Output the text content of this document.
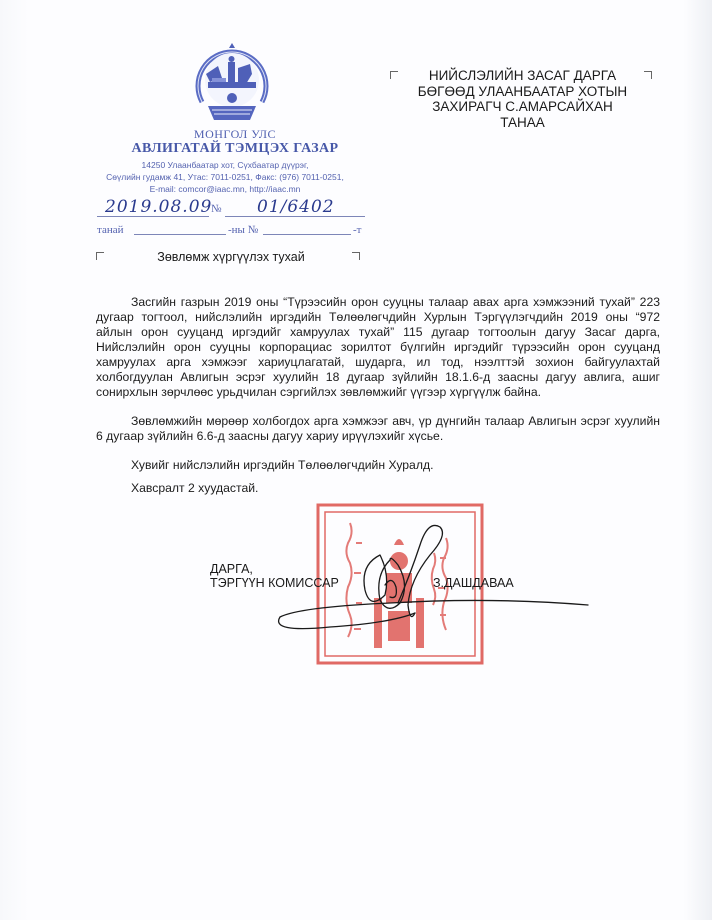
МОНГОЛ УЛС
АВЛИГАТАЙ ТЭМЦЭХ ГАЗАР
14250 Улаанбаатар хот, Сүхбаатар дүүрэг,
Сөүлийн гудамж 41, Утас: 7011-0251, Факс: (976) 7011-0251,
E-mail: comcor@iaac.mn, http://iaac.mn
2019.08.09
№ 01/6402
танай	-ны №	-т
Зөвлөмж хүргүүлэх тухай
НИЙСЛЭЛИЙН ЗАСАГ ДАРГА
БӨГӨӨД УЛААНБААТАР ХОТЫН
ЗАХИРАГЧ С.АМАРСАЙХАН
ТАНАА
Засгийн газрын 2019 оны “Түрээсийн орон сууцны талаар авах арга хэмжээний тухай” 223 дугаар тогтоол, нийслэлийн иргэдийн Төлөөлөгчдийн Хурлын Тэргүүлэгчдийн 2019 оны “972 айлын орон сууцанд иргэдийг хамруулах тухай” 115 дугаар тогтоолын дагуу Засаг дарга, Нийслэлийн орон сууцны корпорациас зорилтот бүлгийн иргэдийг түрээсийн орон сууцанд хамруулах арга хэмжээг хариуцлагатай, шударга, ил тод, нээлттэй зохион байгуулахтай холбогдуулан Авлигын эсрэг хуулийн 18 дугаар зүйлийн 18.1.6-д заасны дагуу авлига, ашиг сонирхлын зөрчлөөс урьдчилан сэргийлэх зөвлөмжийг үүгээр хүргүүлж байна.
Зөвлөмжийн мөрөөр холбогдох арга хэмжээг авч, үр дүнгийн талаар Авлигын эсрэг хуулийн 6 дугаар зүйлийн 6.6-д заасны дагуу хариу ирүүлэхийг хүсье.
Хувийг нийслэлийн иргэдийн Төлөөлөгчдийн Хуралд.
Хавсралт 2 хуудастай.
ДАРГА,
ТЭРГҮҮН КОМИССАР	З.ДАШДАВАА
